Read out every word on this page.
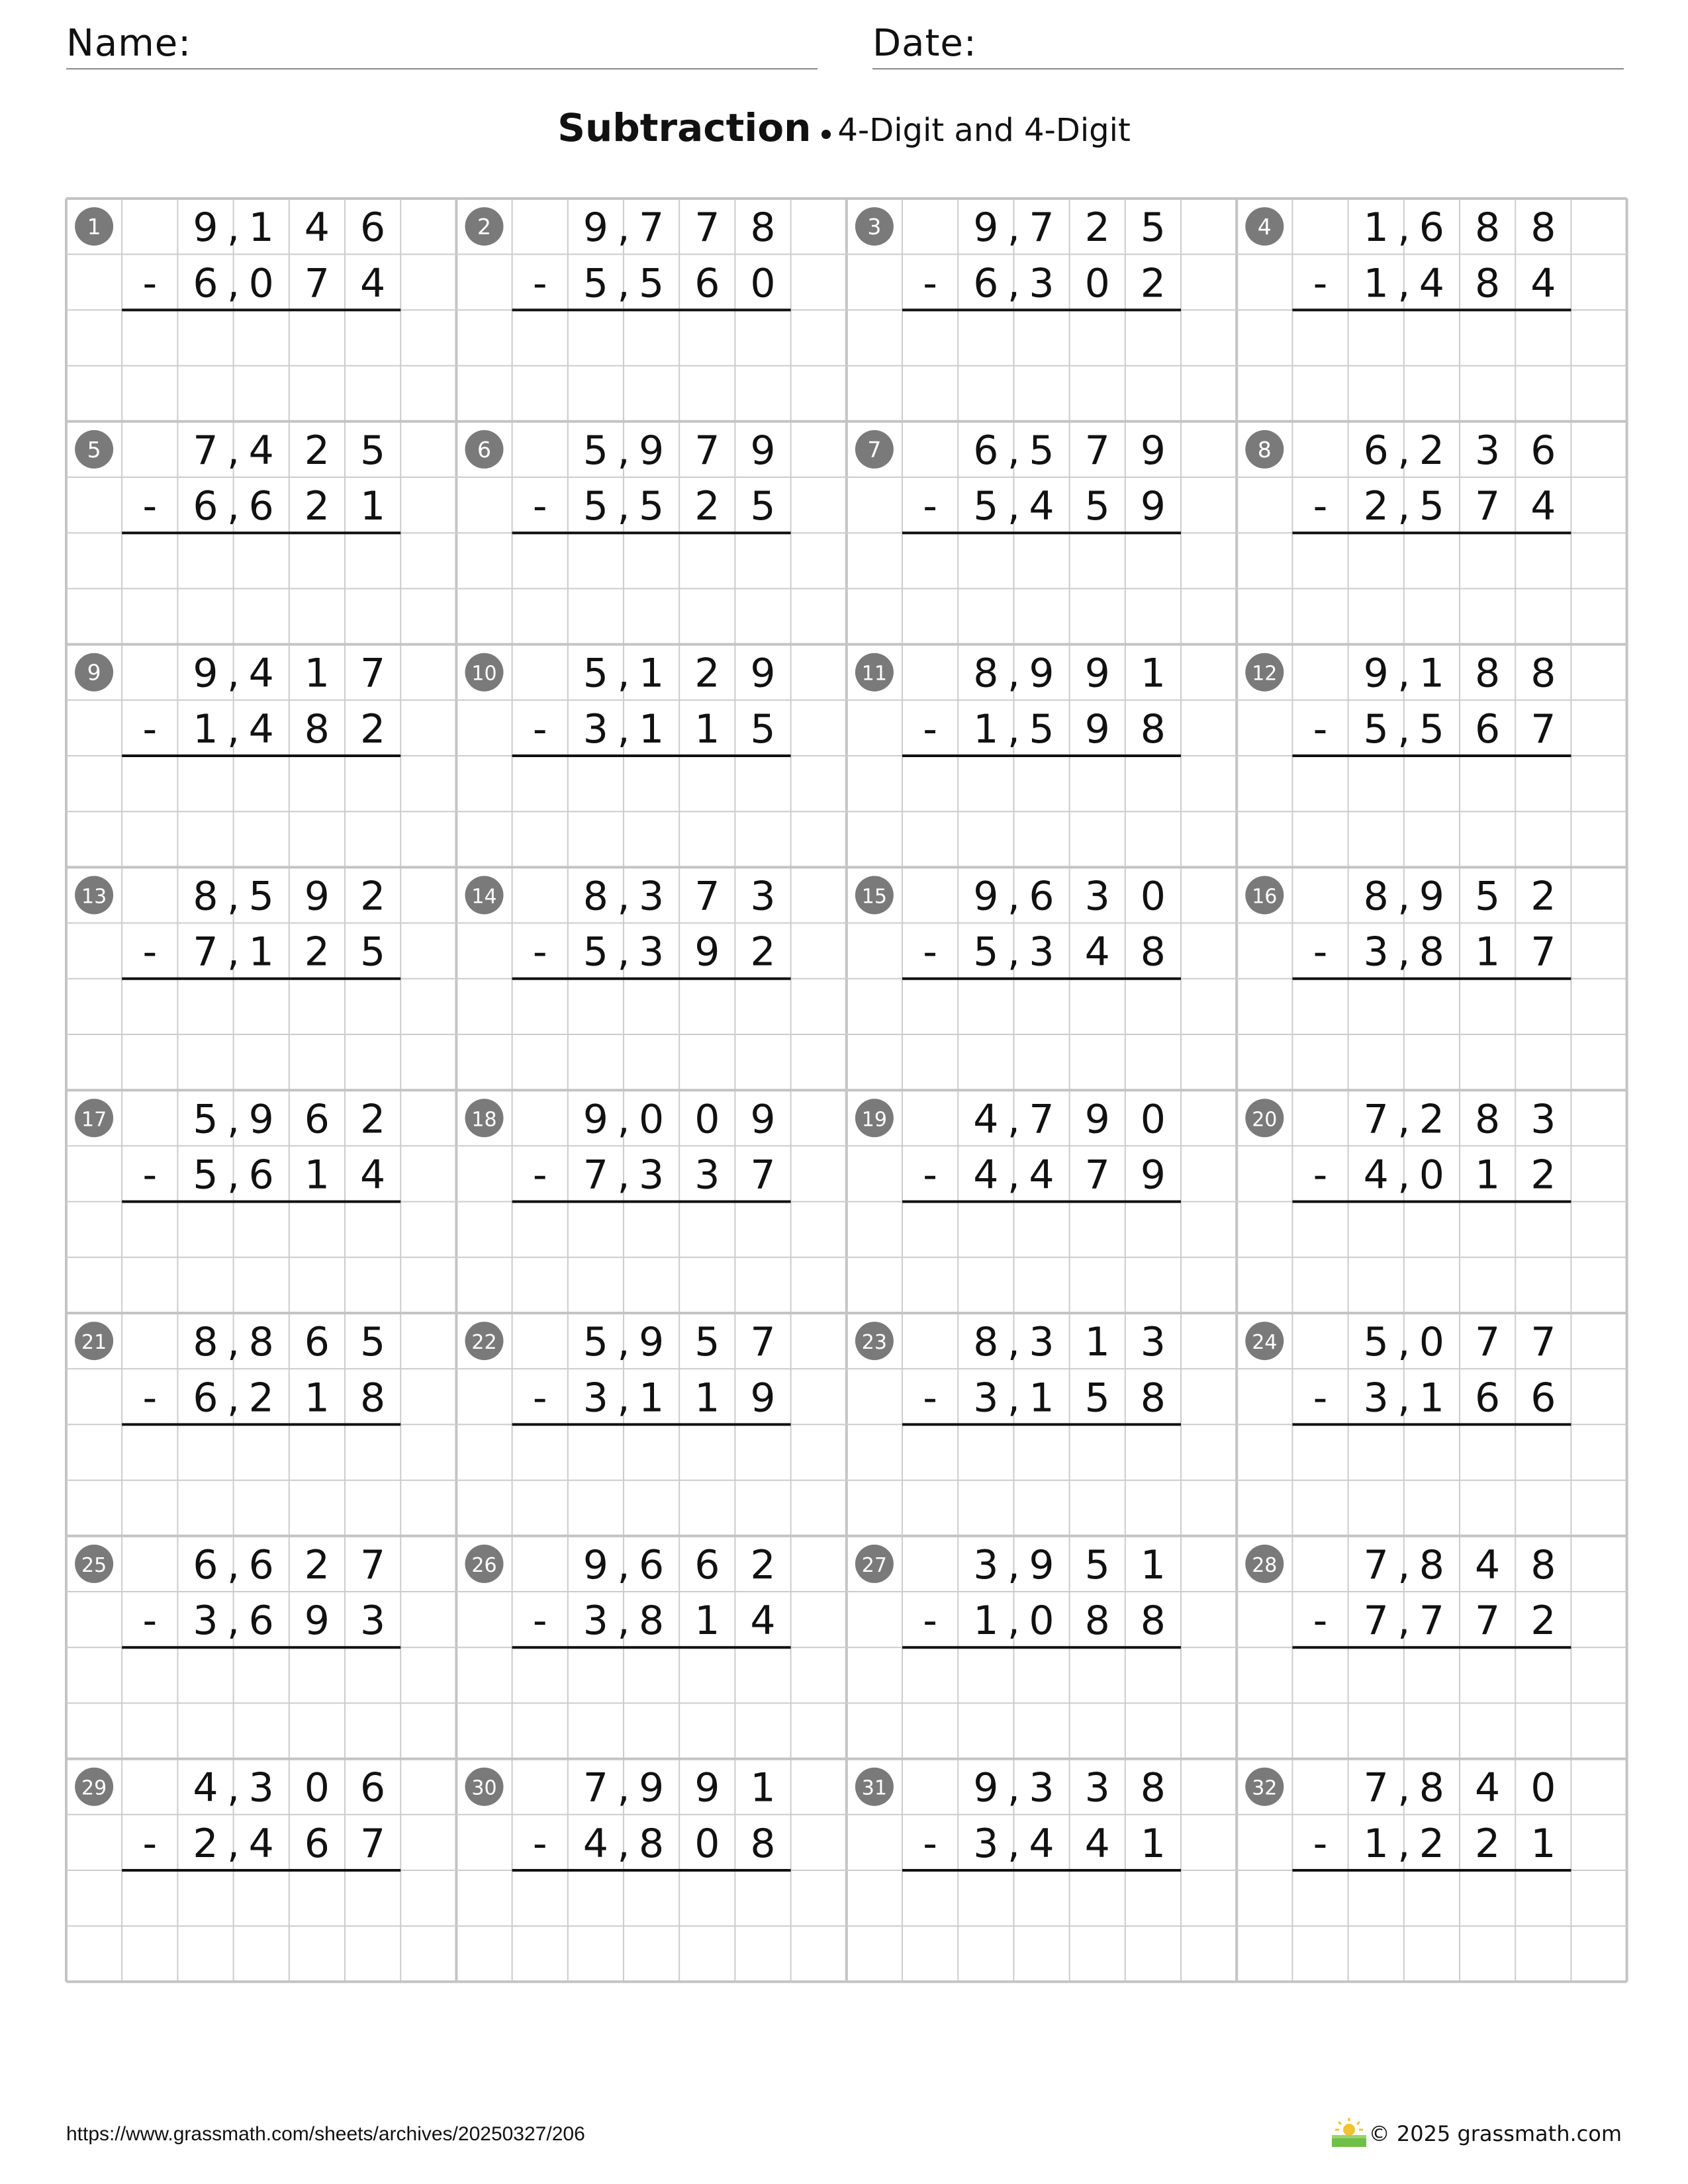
Name:	Date:
Subtraction 4-Digit and 4-Digit
1 9 1 4 6
,
6 0 7 4
,
-
2 9 7 7 8
,
5 5 6 0
,
-
3 9 7 2 5
,
6 3 0 2
,
-
4 1 6 8 8
,
1 4 8 4
,
-
5 7 4 2 5
,
6 6 2 1
,
-
6 5 9 7 9
,
5 5 2 5
,
-
7 6 5 7 9
,
5 4 5 9
,
-
8 6 2 3 6
,
2 5 7 4
,
-
9 9 4 1 7
,
1 4 8 2
,
-
10 5 1 2 9
,
3 1 1 5
,
-
11 8 9 9 1
,
1 5 9 8
,
-
12 9 1 8 8
,
5 5 6 7
,
-
13 8 5 9 2
,
7 1 2 5
,
-
14 8 3 7 3
,
5 3 9 2
,
-
15 9 6 3 0
,
5 3 4 8
,
-
16 8 9 5 2
,
3 8 1 7
,
-
17 5 9 6 2
,
5 6 1 4
,
-
18 9 0 0 9
,
7 3 3 7
,
-
19 4 7 9 0
,
4 4 7 9
,
-
20 7 2 8 3
,
4 0 1 2
,
-
21 8 8 6 5
,
6 2 1 8
,
-
22 5 9 5 7
,
3 1 1 9
,
-
23 8 3 1 3
,
3 1 5 8
,
-
24 5 0 7 7
,
3 1 6 6
,
-
25 6 6 2 7
,
3 6 9 3
,
-
26 9 6 6 2
,
3 8 1 4
,
-
27 3 9 5 1
,
1 0 8 8
,
-
28 7 8 4 8
,
7 7 7 2
,
-
29 4 3 0 6
,
2 4 6 7
,
-
30 7 9 9 1
,
4 8 0 8
,
-
31 9 3 3 8
,
3 4 4 1
,
-
32 7 8 4 0
,
1 2 2 1
,
-
https://www.grassmath.com/sheets/archives/20250327/206	© 2025 grassmath.com
